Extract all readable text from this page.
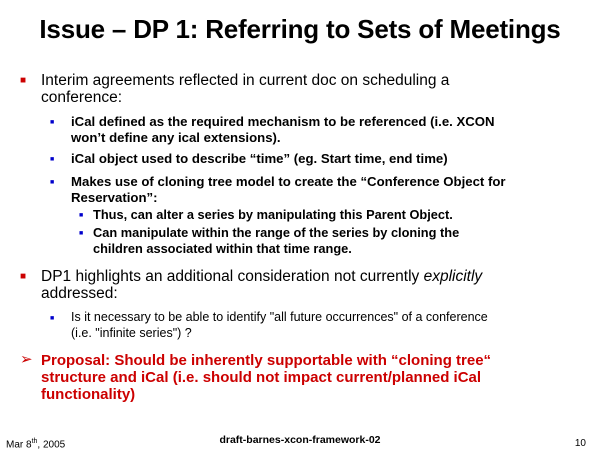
Issue – DP 1: Referring to Sets of Meetings
■ Interim agreements reflected in current doc on scheduling a
conference:
■ iCal defined as the required mechanism to be referenced (i.e. XCON
won’t define any ical extensions).
■ iCal object used to describe “time” (eg. Start time, end time)
■ Makes use of cloning tree model to create the “Conference Object for
Reservation”:
■ Thus, can alter a series by manipulating this Parent Object.
■ Can manipulate within the range of the series by cloning the
children associated within that time range.
■ DP1 highlights an additional consideration not currently explicitly
addressed:
■ Is it necessary to be able to identify "all future occurrences" of a conference
(i.e. "infinite series") ?
➢ Proposal: Should be inherently supportable with “cloning tree“
structure and iCal (i.e. should not impact current/planned iCal
functionality)
Mar 8th, 2005	draft-barnes-xcon-framework-02	10
